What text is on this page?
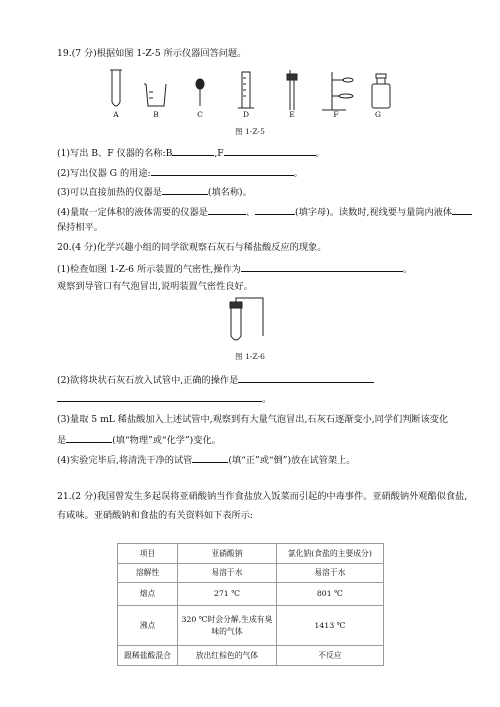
19.(7 分)根据如图 1-Z-5 所示仪器回答问题。
A	B	C	D	E	F	G
图 1-Z-5
(1)写出 B、F 仪器的名称:B	,F	。
(2)写出仪器 G 的用途:	。
(3)可以直接加热的仪器是	(填名称)。
(4)量取一定体积的液体需要的仪器是	、	(填字母)。读数时,视线要与量筒内液体
保持相平。
20.(4 分)化学兴趣小组的同学欲观察石灰石与稀盐酸反应的现象。
(1)检查如图 1-Z-6 所示装置的气密性,操作为	。
观察到导管口有气泡冒出,说明装置气密性良好。
图 1-Z-6
(2)欲将块状石灰石放入试管中,正确的操作是
。
(3)量取 5 mL 稀盐酸加入上述试管中,观察到有大量气泡冒出,石灰石逐渐变小,同学们判断该变化
是	(填“物理”或“化学”)变化。
(4)实验完毕后,将清洗干净的试管	(填“正”或“倒”)放在试管架上。
21.(2 分)我国曾发生多起误将亚硝酸钠当作食盐放入饭菜而引起的中毒事件。亚硝酸钠外观酷似食盐,
有咸味。亚硝酸钠和食盐的有关资料如下表所示:
项目	亚硝酸钠	氯化钠(食盐的主要成分)
溶解性	易溶于水	易溶于水
熔点	271 ℃	801 ℃
沸点	320 ℃时会分解,生成有臭
味的气体	1413 ℃
跟稀盐酸混合	放出红棕色的气体	不反应
